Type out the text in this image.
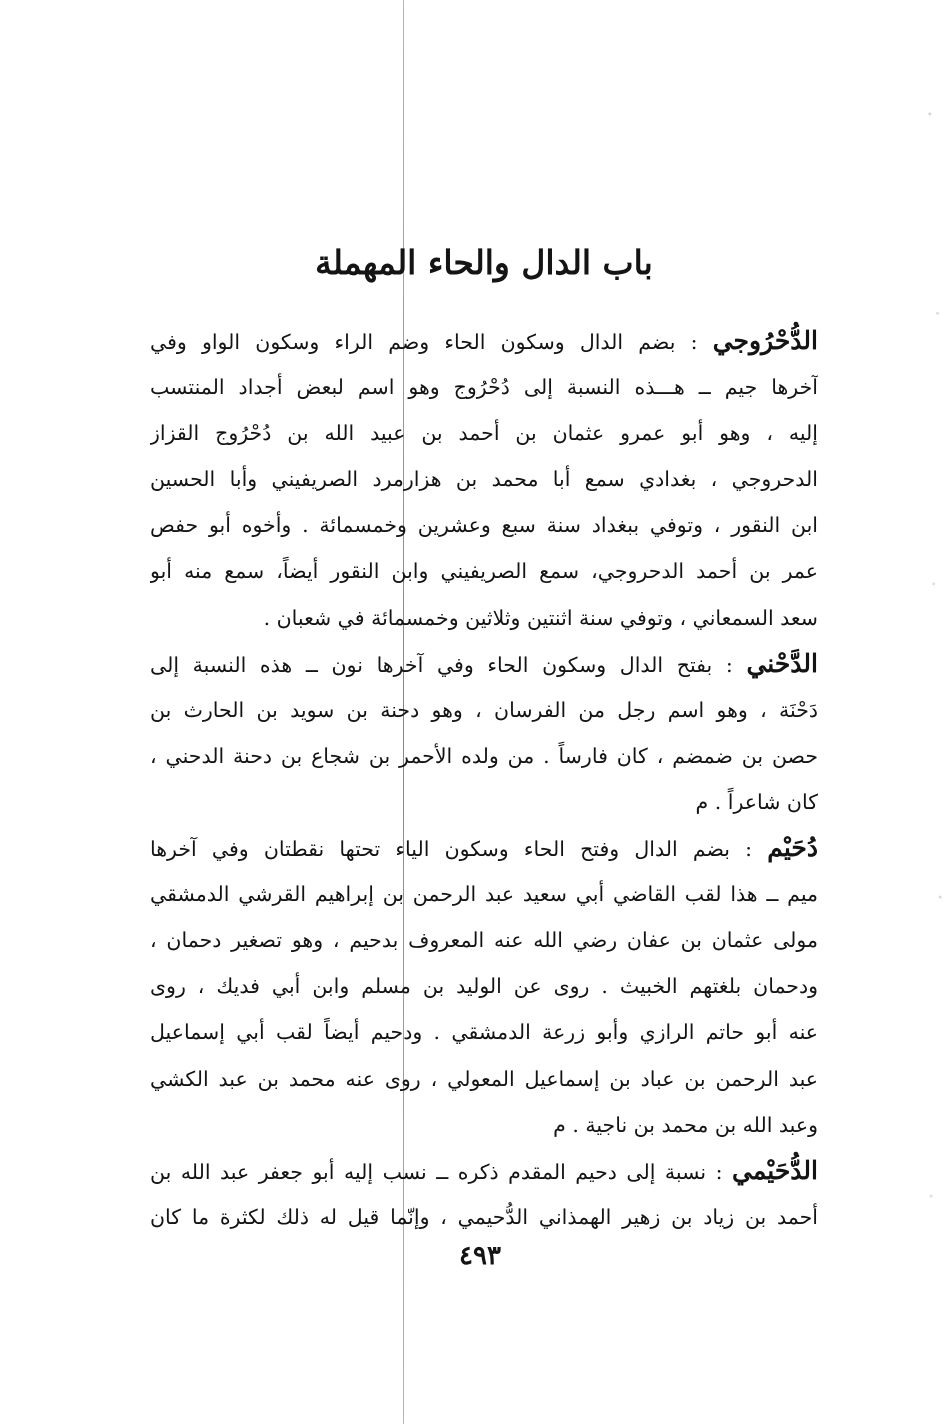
باب الدال والحاء المهملة
الدُّحْرُوجي : بضم الدال وسكون الحاء وضم الراء وسكون الواو وفي
آخرها جيم ــ هـــذه النسبة إلى دُحْرُوج وهو اسم لبعض أجداد المنتسب
إليه ، وهو أبو عمرو عثمان بن أحمد بن عبيد الله بن دُحْرُوج القزاز
الدحروجي ، بغدادي سمع أبا محمد بن هزارمرد الصريفيني وأبا الحسين
ابن النقور ، وتوفي ببغداد سنة سبع وعشرين وخمسمائة . وأخوه أبو حفص
عمر بن أحمد الدحروجي، سمع الصريفيني وابن النقور أيضاً، سمع منه أبو
سعد السمعاني ، وتوفي سنة اثنتين وثلاثين وخمسمائة في شعبان .
الدَّحْني : بفتح الدال وسكون الحاء وفي آخرها نون ــ هذه النسبة إلى
دَحْنَة ، وهو اسم رجل من الفرسان ، وهو دحنة بن سويد بن الحارث بن
حصن بن ضمضم ، كان فارساً . من ولده الأحمر بن شجاع بن دحنة الدحني ،
كان شاعراً . م
دُحَيْم : بضم الدال وفتح الحاء وسكون الياء تحتها نقطتان وفي آخرها
ميم ــ هذا لقب القاضي أبي سعيد عبد الرحمن بن إبراهيم القرشي الدمشقي
مولى عثمان بن عفان رضي الله عنه المعروف بدحيم ، وهو تصغير دحمان ،
ودحمان بلغتهم الخبيث . روى عن الوليد بن مسلم وابن أبي فديك ، روى
عنه أبو حاتم الرازي وأبو زرعة الدمشقي . ودحيم أيضاً لقب أبي إسماعيل
عبد الرحمن بن عباد بن إسماعيل المعولي ، روى عنه محمد بن عبد الكشي
وعبد الله بن محمد بن ناجية . م
الدُّحَيْمي : نسبة إلى دحيم المقدم ذكره ــ نسب إليه أبو جعفر عبد الله بن
أحمد بن زياد بن زهير الهمذاني الدُّحيمي ، وإنّما قيل له ذلك لكثرة ما كان
٤٩٣
